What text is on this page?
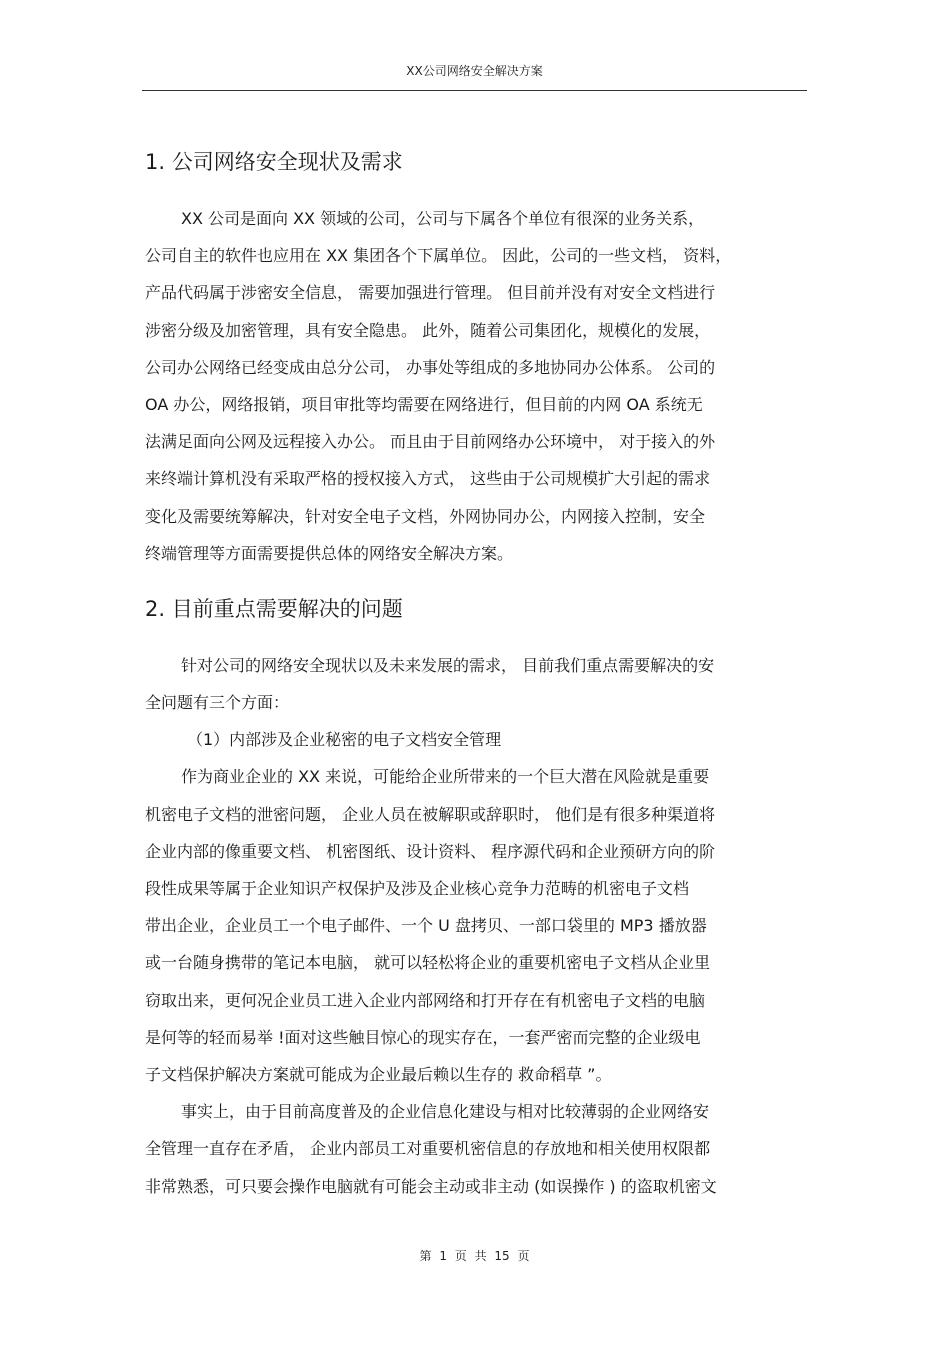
XX公司网络安全解决方案
1. 公司网络安全现状及需求
XX 公司是面向 XX 领域的公司，公司与下属各个单位有很深的业务关系，
公司自主的软件也应用在 XX 集团各个下属单位。 因此，公司的一些文档， 资料，
产品代码属于涉密安全信息， 需要加强进行管理。 但目前并没有对安全文档进行
涉密分级及加密管理，具有安全隐患。 此外，随着公司集团化，规模化的发展，
公司办公网络已经变成由总分公司， 办事处等组成的多地协同办公体系。 公司的
OA 办公，网络报销，项目审批等均需要在网络进行，但目前的内网 OA 系统无
法满足面向公网及远程接入办公。 而且由于目前网络办公环境中， 对于接入的外
来终端计算机没有采取严格的授权接入方式， 这些由于公司规模扩大引起的需求
变化及需要统筹解决，针对安全电子文档，外网协同办公，内网接入控制，安全
终端管理等方面需要提供总体的网络安全解决方案。
2. 目前重点需要解决的问题
针对公司的网络安全现状以及未来发展的需求， 目前我们重点需要解决的安
全问题有三个方面：
（1）内部涉及企业秘密的电子文档安全管理
作为商业企业的 XX 来说，可能给企业所带来的一个巨大潜在风险就是重要
机密电子文档的泄密问题， 企业人员在被解职或辞职时， 他们是有很多种渠道将
企业内部的像重要文档、 机密图纸、设计资料、 程序源代码和企业预研方向的阶
段性成果等属于企业知识产权保护及涉及企业核心竞争力范畴的机密电子文档
带出企业，企业员工一个电子邮件、一个 U 盘拷贝、一部口袋里的 MP3 播放器
或一台随身携带的笔记本电脑， 就可以轻松将企业的重要机密电子文档从企业里
窃取出来，更何况企业员工进入企业内部网络和打开存在有机密电子文档的电脑
是何等的轻而易举 !面对这些触目惊心的现实存在，一套严密而完整的企业级电
子文档保护解决方案就可能成为企业最后赖以生存的 救命稻草 ”。
事实上，由于目前高度普及的企业信息化建设与相对比较薄弱的企业网络安
全管理一直存在矛盾， 企业内部员工对重要机密信息的存放地和相关使用权限都
非常熟悉，可只要会操作电脑就有可能会主动或非主动 (如误操作 ) 的盗取机密文
第 1 页 共 15 页
